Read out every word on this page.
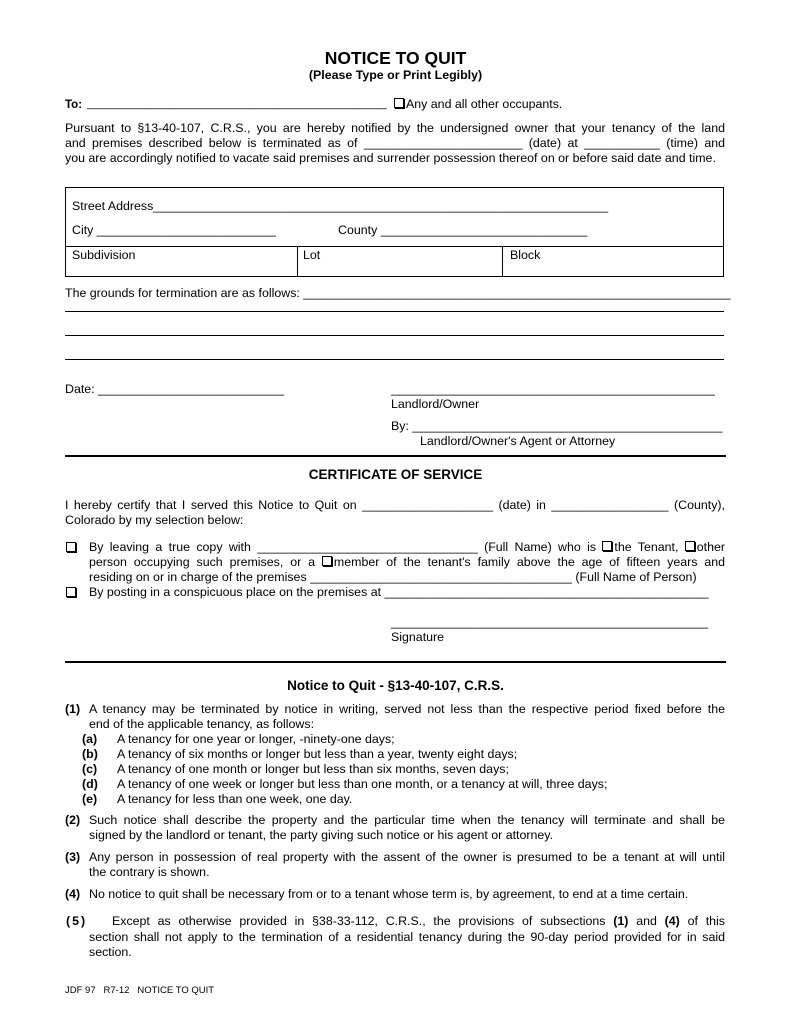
NOTICE TO QUIT
(Please Type or Print Legibly)
To: _________________________________________________	Any and all other occupants.
Pursuant to §13-40-107, C.R.S., you are hereby notified by the undersigned owner that your tenancy of the land
and premises described below is terminated as of _______________________ (date) at ___________ (time) and
you are accordingly notified to vacate said premises and surrender possession thereof on or before said date and time.
Street Address__________________________________________________________________
City __________________________	County ______________________________
Subdivision	Lot	Block
The grounds for termination are as follows: ______________________________________________________________
Date: ___________________________	_______________________________________________
Landlord/Owner
By: _____________________________________________
Landlord/Owner's Agent or Attorney
CERTIFICATE OF SERVICE
I hereby certify that I served this Notice to Quit on ___________________ (date) in _________________ (County),
Colorado by my selection below:
By leaving a true copy with ________________________________ (Full Name) who is the Tenant, other
person occupying such premises, or a member of the tenant's family above the age of fifteen years and
residing on or in charge of the premises ______________________________________ (Full Name of Person)
By posting in a conspicuous place on the premises at _______________________________________________
______________________________________________
Signature
Notice to Quit - §13-40-107, C.R.S.
(1) A tenancy may be terminated by notice in writing, served not less than the respective period fixed before the
end of the applicable tenancy, as follows:
(a) A tenancy for one year or longer, -ninety-one days;
(b) A tenancy of six months or longer but less than a year, twenty eight days;
(c) A tenancy of one month or longer but less than six months, seven days;
(d) A tenancy of one week or longer but less than one month, or a tenancy at will, three days;
(e) A tenancy for less than one week, one day.
(2) Such notice shall describe the property and the particular time when the tenancy will terminate and shall be
signed by the landlord or tenant, the party giving such notice or his agent or attorney.
(3) Any person in possession of real property with the assent of the owner is presumed to be a tenant at will until
the contrary is shown.
(4) No notice to quit shall be necessary from or to a tenant whose term is, by agreement, to end at a time certain.
(5) Except as otherwise provided in §38-33-112, C.R.S., the provisions of subsections (1) and (4) of this
section shall not apply to the termination of a residential tenancy during the 90-day period provided for in said
section.
JDF 97   R7-12   NOTICE TO QUIT
